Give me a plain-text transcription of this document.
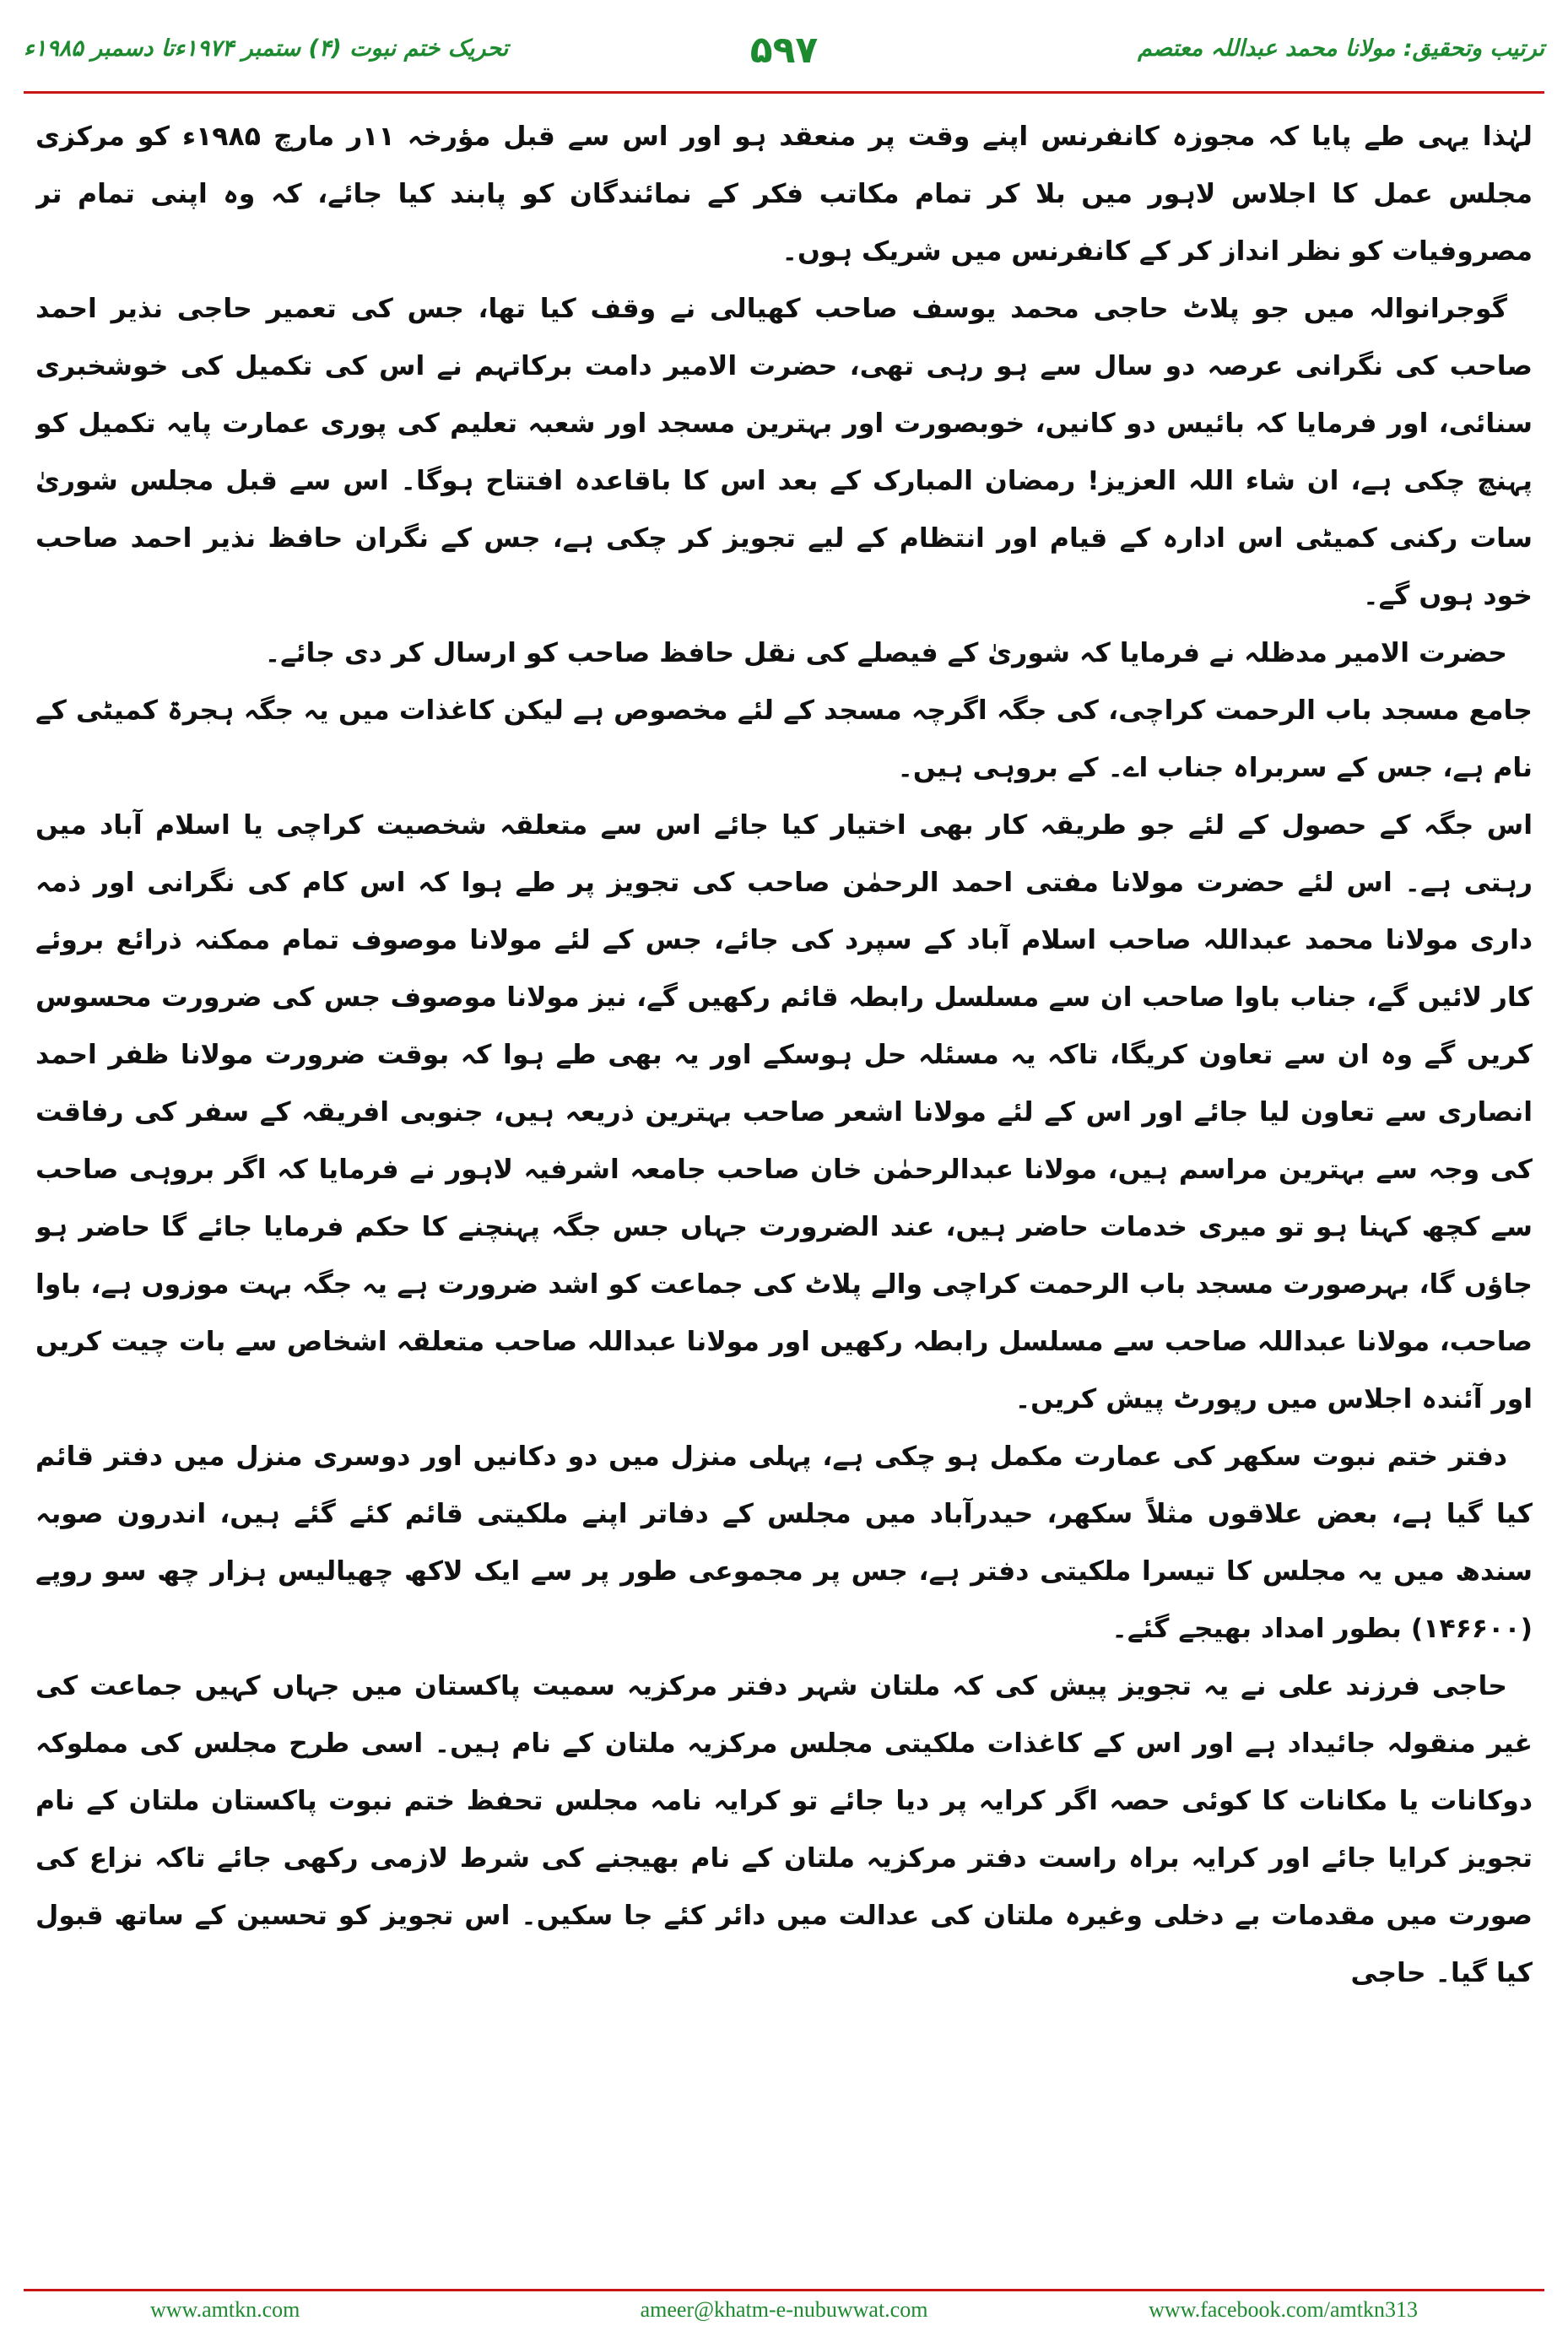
تحریک ختم نبوت (۴) ستمبر ۱۹۷۴ءتا دسمبر ۱۹۸۵ء	۵۹۷	ترتیب وتحقیق: مولانا محمد عبداللہ معتصم

لہٰذا یہی طے پایا کہ مجوزہ کانفرنس اپنے وقت پر منعقد ہو اور اس سے قبل مؤرخہ ۱۱ر مارچ ۱۹۸۵ء کو مرکزی مجلس عمل کا اجلاس لاہور میں بلا کر تمام مکاتب فکر کے نمائندگان کو پابند کیا جائے، کہ وہ اپنی تمام تر مصروفیات کو نظر انداز کر کے کانفرنس میں شریک ہوں۔

گوجرانوالہ میں جو پلاٹ حاجی محمد یوسف صاحب کھیالی نے وقف کیا تھا، جس کی تعمیر حاجی نذیر احمد صاحب کی نگرانی عرصہ دو سال سے ہو رہی تھی، حضرت الامیر دامت برکاتہم نے اس کی تکمیل کی خوشخبری سنائی، اور فرمایا کہ بائیس دو کانیں، خوبصورت اور بہترین مسجد اور شعبہ تعلیم کی پوری عمارت پایہ تکمیل کو پہنچ چکی ہے، ان شاء اللہ العزیز! رمضان المبارک کے بعد اس کا باقاعدہ افتتاح ہوگا۔ اس سے قبل مجلس شوریٰ سات رکنی کمیٹی اس ادارہ کے قیام اور انتظام کے لیے تجویز کر چکی ہے، جس کے نگران حافظ نذیر احمد صاحب خود ہوں گے۔

حضرت الامیر مدظلہ نے فرمایا کہ شوریٰ کے فیصلے کی نقل حافظ صاحب کو ارسال کر دی جائے۔

جامع مسجد باب الرحمت کراچی، کی جگہ اگرچہ مسجد کے لئے مخصوص ہے لیکن کاغذات میں یہ جگہ ہجرۃ کمیٹی کے نام ہے، جس کے سربراہ جناب اے۔ کے بروہی ہیں۔

اس جگہ کے حصول کے لئے جو طریقہ کار بھی اختیار کیا جائے اس سے متعلقہ شخصیت کراچی یا اسلام آباد میں رہتی ہے۔ اس لئے حضرت مولانا مفتی احمد الرحمٰن صاحب کی تجویز پر طے ہوا کہ اس کام کی نگرانی اور ذمہ داری مولانا محمد عبداللہ صاحب اسلام آباد کے سپرد کی جائے، جس کے لئے مولانا موصوف تمام ممکنہ ذرائع بروئے کار لائیں گے، جناب باوا صاحب ان سے مسلسل رابطہ قائم رکھیں گے، نیز مولانا موصوف جس کی ضرورت محسوس کریں گے وہ ان سے تعاون کریگا، تاکہ یہ مسئلہ حل ہوسکے اور یہ بھی طے ہوا کہ بوقت ضرورت مولانا ظفر احمد انصاری سے تعاون لیا جائے اور اس کے لئے مولانا اشعر صاحب بہترین ذریعہ ہیں، جنوبی افریقہ کے سفر کی رفاقت کی وجہ سے بہترین مراسم ہیں، مولانا عبدالرحمٰن خان صاحب جامعہ اشرفیہ لاہور نے فرمایا کہ اگر بروہی صاحب سے کچھ کہنا ہو تو میری خدمات حاضر ہیں، عند الضرورت جہاں جس جگہ پہنچنے کا حکم فرمایا جائے گا حاضر ہو جاؤں گا، بہرصورت مسجد باب الرحمت کراچی والے پلاٹ کی جماعت کو اشد ضرورت ہے یہ جگہ بہت موزوں ہے، باوا صاحب، مولانا عبداللہ صاحب سے مسلسل رابطہ رکھیں اور مولانا عبداللہ صاحب متعلقہ اشخاص سے بات چیت کریں اور آئندہ اجلاس میں رپورٹ پیش کریں۔

دفتر ختم نبوت سکھر کی عمارت مکمل ہو چکی ہے، پہلی منزل میں دو دکانیں اور دوسری منزل میں دفتر قائم کیا گیا ہے، بعض علاقوں مثلاً سکھر، حیدرآباد میں مجلس کے دفاتر اپنے ملکیتی قائم کئے گئے ہیں، اندرون صوبہ سندھ میں یہ مجلس کا تیسرا ملکیتی دفتر ہے، جس پر مجموعی طور پر سے ایک لاکھ چھیالیس ہزار چھ سو روپے (۱۴۶۶۰۰) بطور امداد بھیجے گئے۔

حاجی فرزند علی نے یہ تجویز پیش کی کہ ملتان شہر دفتر مرکزیہ سمیت پاکستان میں جہاں کہیں جماعت کی غیر منقولہ جائیداد ہے اور اس کے کاغذات ملکیتی مجلس مرکزیہ ملتان کے نام ہیں۔ اسی طرح مجلس کی مملوکہ دوکانات یا مکانات کا کوئی حصہ اگر کرایہ پر دیا جائے تو کرایہ نامہ مجلس تحفظ ختم نبوت پاکستان ملتان کے نام تجویز کرایا جائے اور کرایہ براہ راست دفتر مرکزیہ ملتان کے نام بھیجنے کی شرط لازمی رکھی جائے تاکہ نزاع کی صورت میں مقدمات بے دخلی وغیرہ ملتان کی عدالت میں دائر کئے جا سکیں۔ اس تجویز کو تحسین کے ساتھ قبول کیا گیا۔ حاجی

www.amtkn.com	ameer@khatm-e-nubuwwat.com	www.facebook.com/amtkn313
